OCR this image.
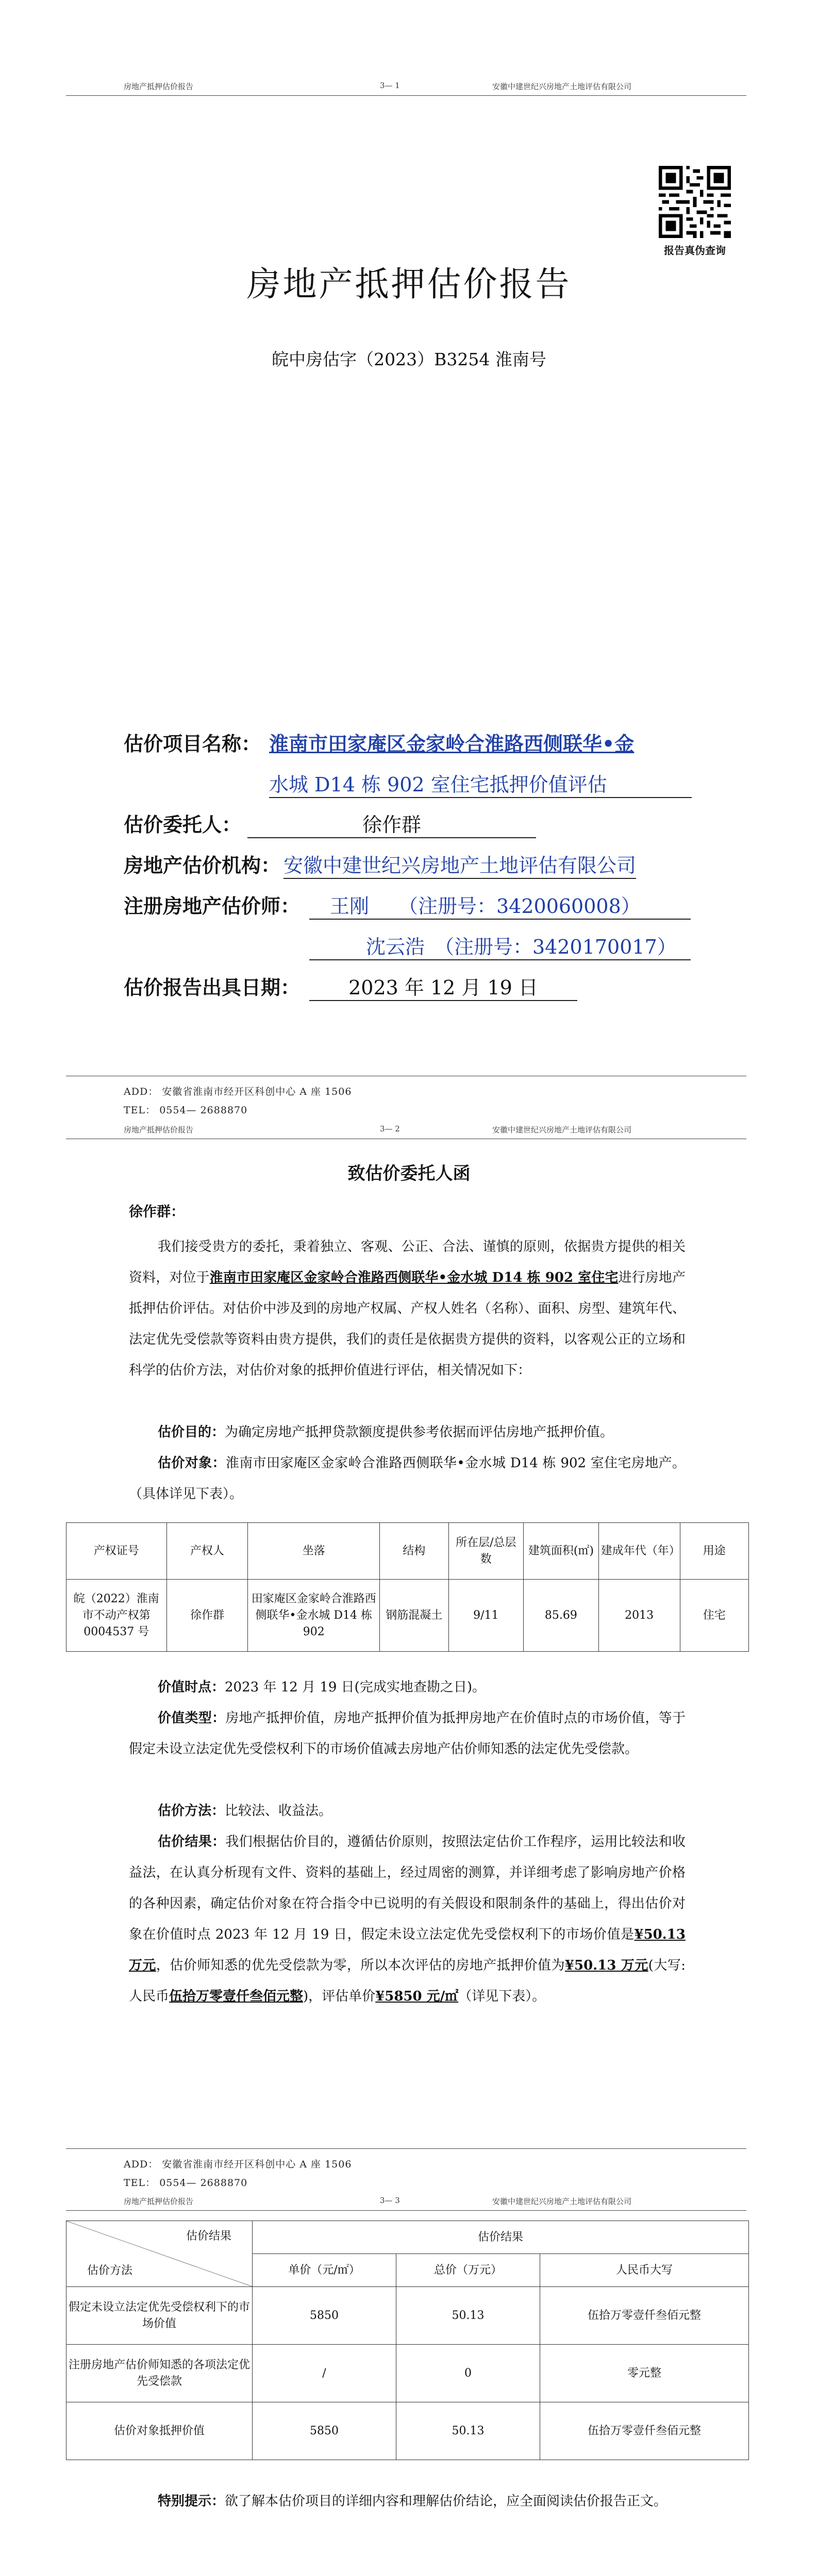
房地产抵押估价报告	3— 1	安徽中建世纪兴房地产土地评估有限公司
报告真伪查询
房地产抵押估价报告
皖中房估字（2023）B3254 淮南号
估价项目名称： 淮南市田家庵区金家岭合淮路西侧联华•金
水城 D14 栋 902 室住宅抵押价值评估
估价委托人：	徐作群
房地产估价机构： 安徽中建世纪兴房地产土地评估有限公司
注册房地产估价师：	王刚　　（注册号：3420060008）
沈云浩　（注册号：3420170017）
估价报告出具日期：	2023 年 12 月 19 日
ADD： 安徽省淮南市经开区科创中心 A 座 1506
TEL： 0554— 2688870
房地产抵押估价报告	3— 2	安徽中建世纪兴房地产土地评估有限公司
致估价委托人函
徐作群：
我们接受贵方的委托，秉着独立、客观、公正、合法、谨慎的原则，依据贵方提供的相关资料，对位于淮南市田家庵区金家岭合淮路西侧联华•金水城 D14 栋 902 室住宅进行房地产抵押估价评估。对估价中涉及到的房地产权属、产权人姓名（名称）、面积、房型、建筑年代、法定优先受偿款等资料由贵方提供，我们的责任是依据贵方提供的资料，以客观公正的立场和科学的估价方法，对估价对象的抵押价值进行评估，相关情况如下：
估价目的：为确定房地产抵押贷款额度提供参考依据而评估房地产抵押价值。
估价对象：淮南市田家庵区金家岭合淮路西侧联华•金水城 D14 栋 902 室住宅房地产。（具体详见下表）。
产权证号	产权人	坐落	结构	所在层/总层数	建筑面积(㎡)	建成年代（年）	用途
皖（2022）淮南市不动产权第0004537 号	徐作群	田家庵区金家岭合淮路西侧联华•金水城 D14 栋 902	钢筋混凝土	9/11	85.69	2013	住宅
价值时点：2023 年 12 月 19 日(完成实地查勘之日)。
价值类型：房地产抵押价值，房地产抵押价值为抵押房地产在价值时点的市场价值，等于假定未设立法定优先受偿权利下的市场价值减去房地产估价师知悉的法定优先受偿款。
估价方法：比较法、收益法。
估价结果：我们根据估价目的，遵循估价原则，按照法定估价工作程序，运用比较法和收益法，在认真分析现有文件、资料的基础上，经过周密的测算，并详细考虑了影响房地产价格的各种因素，确定估价对象在符合指令中已说明的有关假设和限制条件的基础上，得出估价对象在价值时点 2023 年 12 月 19 日，假定未设立法定优先受偿权利下的市场价值是¥50.13 万元，估价师知悉的优先受偿款为零，所以本次评估的房地产抵押价值为¥50.13 万元(大写:人民币伍拾万零壹仟叁佰元整)，评估单价¥5850 元/㎡（详见下表）。
ADD： 安徽省淮南市经开区科创中心 A 座 1506
TEL： 0554— 2688870
房地产抵押估价报告	3— 3	安徽中建世纪兴房地产土地评估有限公司
估价结果
估价方法	估价结果		
	单价（元/㎡）	总价（万元）	人民币大写
假定未设立法定优先受偿权利下的市场价值	5850	50.13	伍拾万零壹仟叁佰元整
注册房地产估价师知悉的各项法定优先受偿款	/	0	零元整
估价对象抵押价值	5850	50.13	伍拾万零壹仟叁佰元整
特别提示：欲了解本估价项目的详细内容和理解估价结论，应全面阅读估价报告正文。
